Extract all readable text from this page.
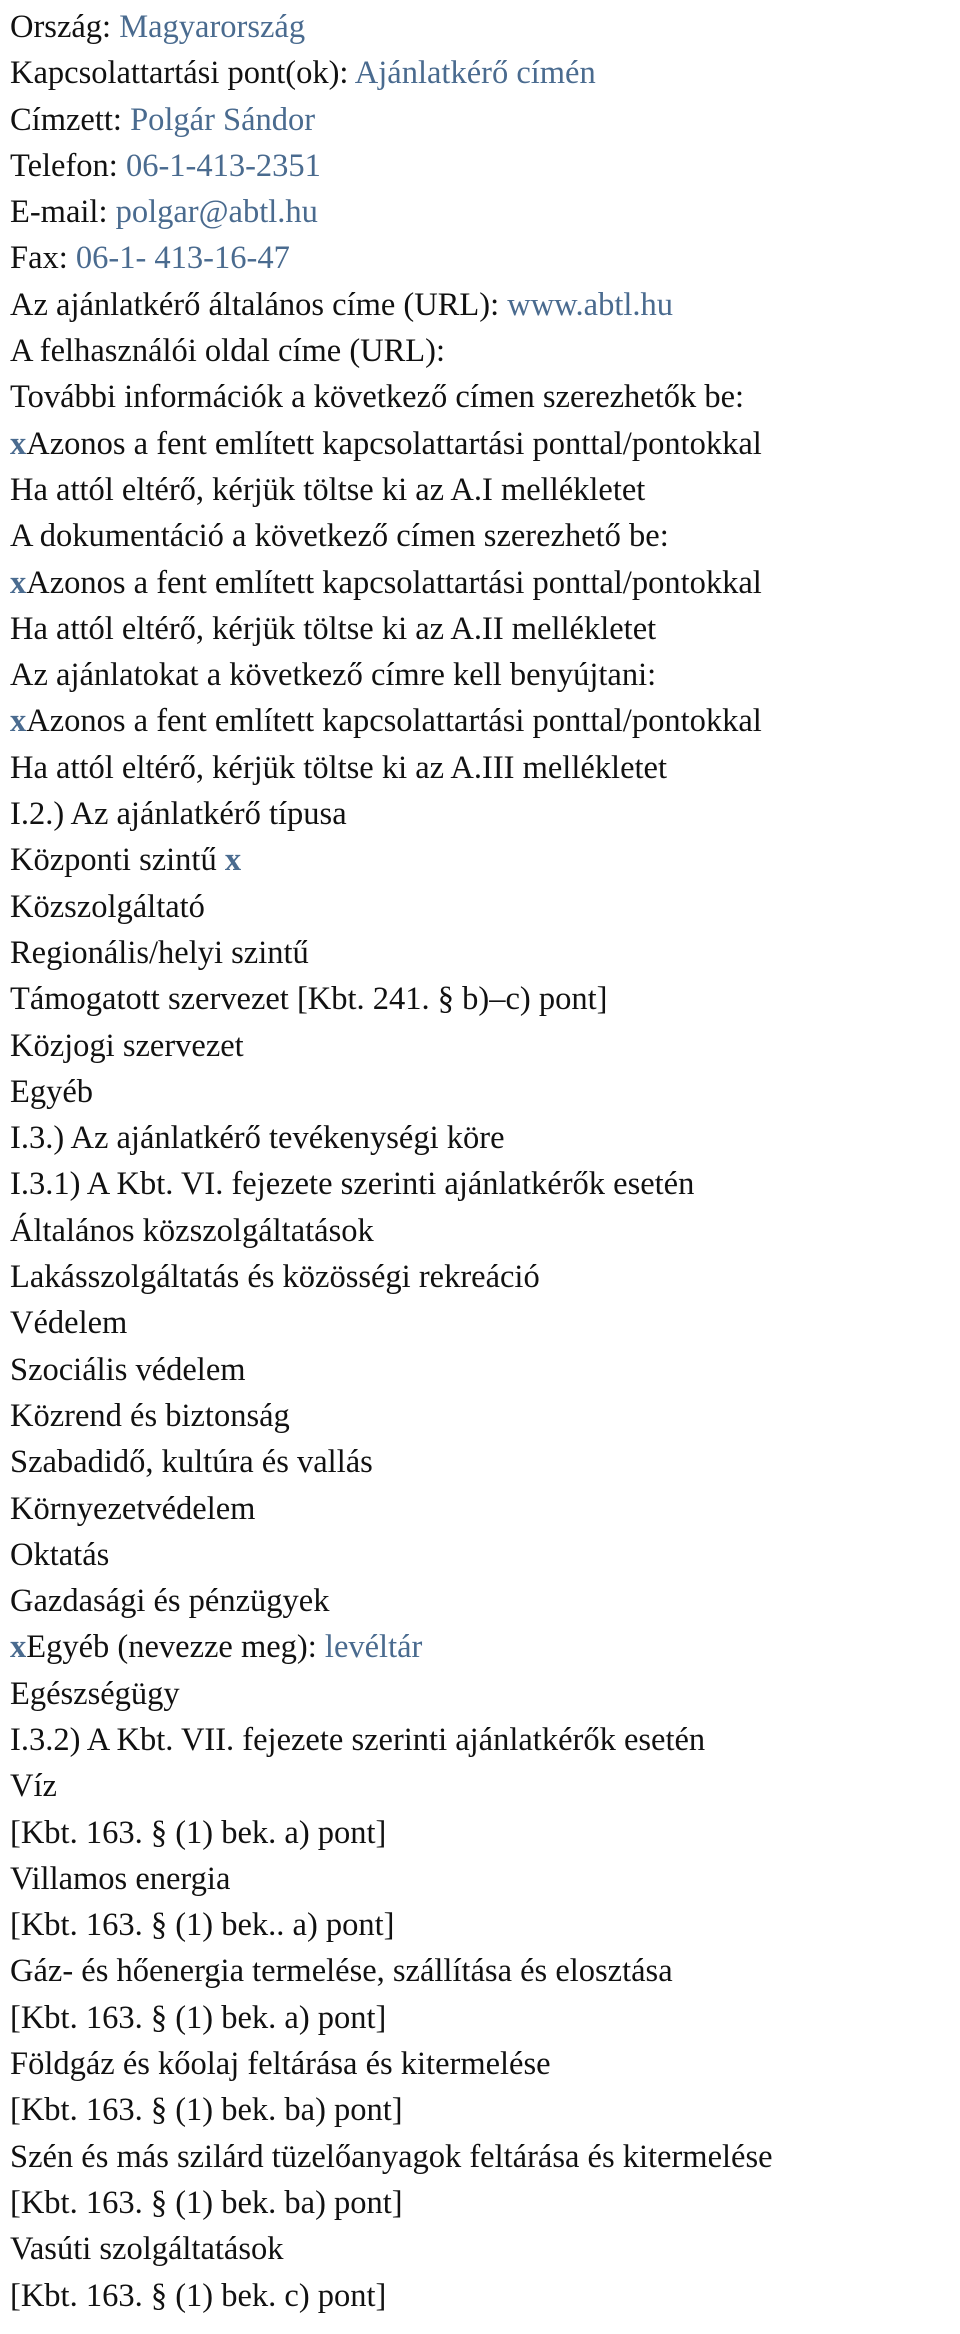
Ország: Magyarország
Kapcsolattartási pont(ok): Ajánlatkérő címén
Címzett: Polgár Sándor
Telefon: 06-1-413-2351
E-mail: polgar@abtl.hu
Fax: 06-1- 413-16-47
Az ajánlatkérő általános címe (URL): www.abtl.hu
A felhasználói oldal címe (URL):
További információk a következő címen szerezhetők be:
xAzonos a fent említett kapcsolattartási ponttal/pontokkal
Ha attól eltérő, kérjük töltse ki az A.I mellékletet
A dokumentáció a következő címen szerezhető be:
xAzonos a fent említett kapcsolattartási ponttal/pontokkal
Ha attól eltérő, kérjük töltse ki az A.II mellékletet
Az ajánlatokat a következő címre kell benyújtani:
xAzonos a fent említett kapcsolattartási ponttal/pontokkal
Ha attól eltérő, kérjük töltse ki az A.III mellékletet
I.2.) Az ajánlatkérő típusa
Központi szintű x
Közszolgáltató
Regionális/helyi szintű
Támogatott szervezet [Kbt. 241. § b)–c) pont]
Közjogi szervezet
Egyéb
I.3.) Az ajánlatkérő tevékenységi köre
I.3.1) A Kbt. VI. fejezete szerinti ajánlatkérők esetén
Általános közszolgáltatások
Lakásszolgáltatás és közösségi rekreáció
Védelem
Szociális védelem
Közrend és biztonság
Szabadidő, kultúra és vallás
Környezetvédelem
Oktatás
Gazdasági és pénzügyek
xEgyéb (nevezze meg): levéltár
Egészségügy
I.3.2) A Kbt. VII. fejezete szerinti ajánlatkérők esetén
Víz
[Kbt. 163. § (1) bek. a) pont]
Villamos energia
[Kbt. 163. § (1) bek.. a) pont]
Gáz- és hőenergia termelése, szállítása és elosztása
[Kbt. 163. § (1) bek. a) pont]
Földgáz és kőolaj feltárása és kitermelése
[Kbt. 163. § (1) bek. ba) pont]
Szén és más szilárd tüzelőanyagok feltárása és kitermelése
[Kbt. 163. § (1) bek. ba) pont]
Vasúti szolgáltatások
[Kbt. 163. § (1) bek. c) pont]
